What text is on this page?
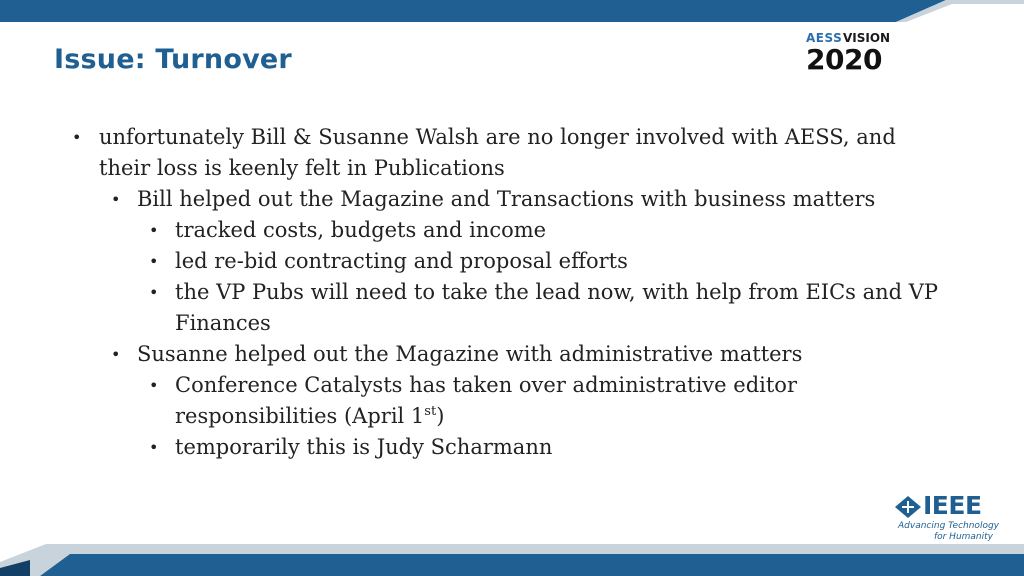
Issue: Turnover
AESS VISION
2020
• unfortunately Bill & Susanne Walsh are no longer involved with AESS, and their loss is keenly felt in Publications
• Bill helped out the Magazine and Transactions with business matters
• tracked costs, budgets and income
• led re-bid contracting and proposal efforts
• the VP Pubs will need to take the lead now, with help from EICs and VP Finances
• Susanne helped out the Magazine with administrative matters
• Conference Catalysts has taken over administrative editor responsibilities (April 1st)
• temporarily this is Judy Scharmann
IEEE
Advancing Technology
for Humanity
